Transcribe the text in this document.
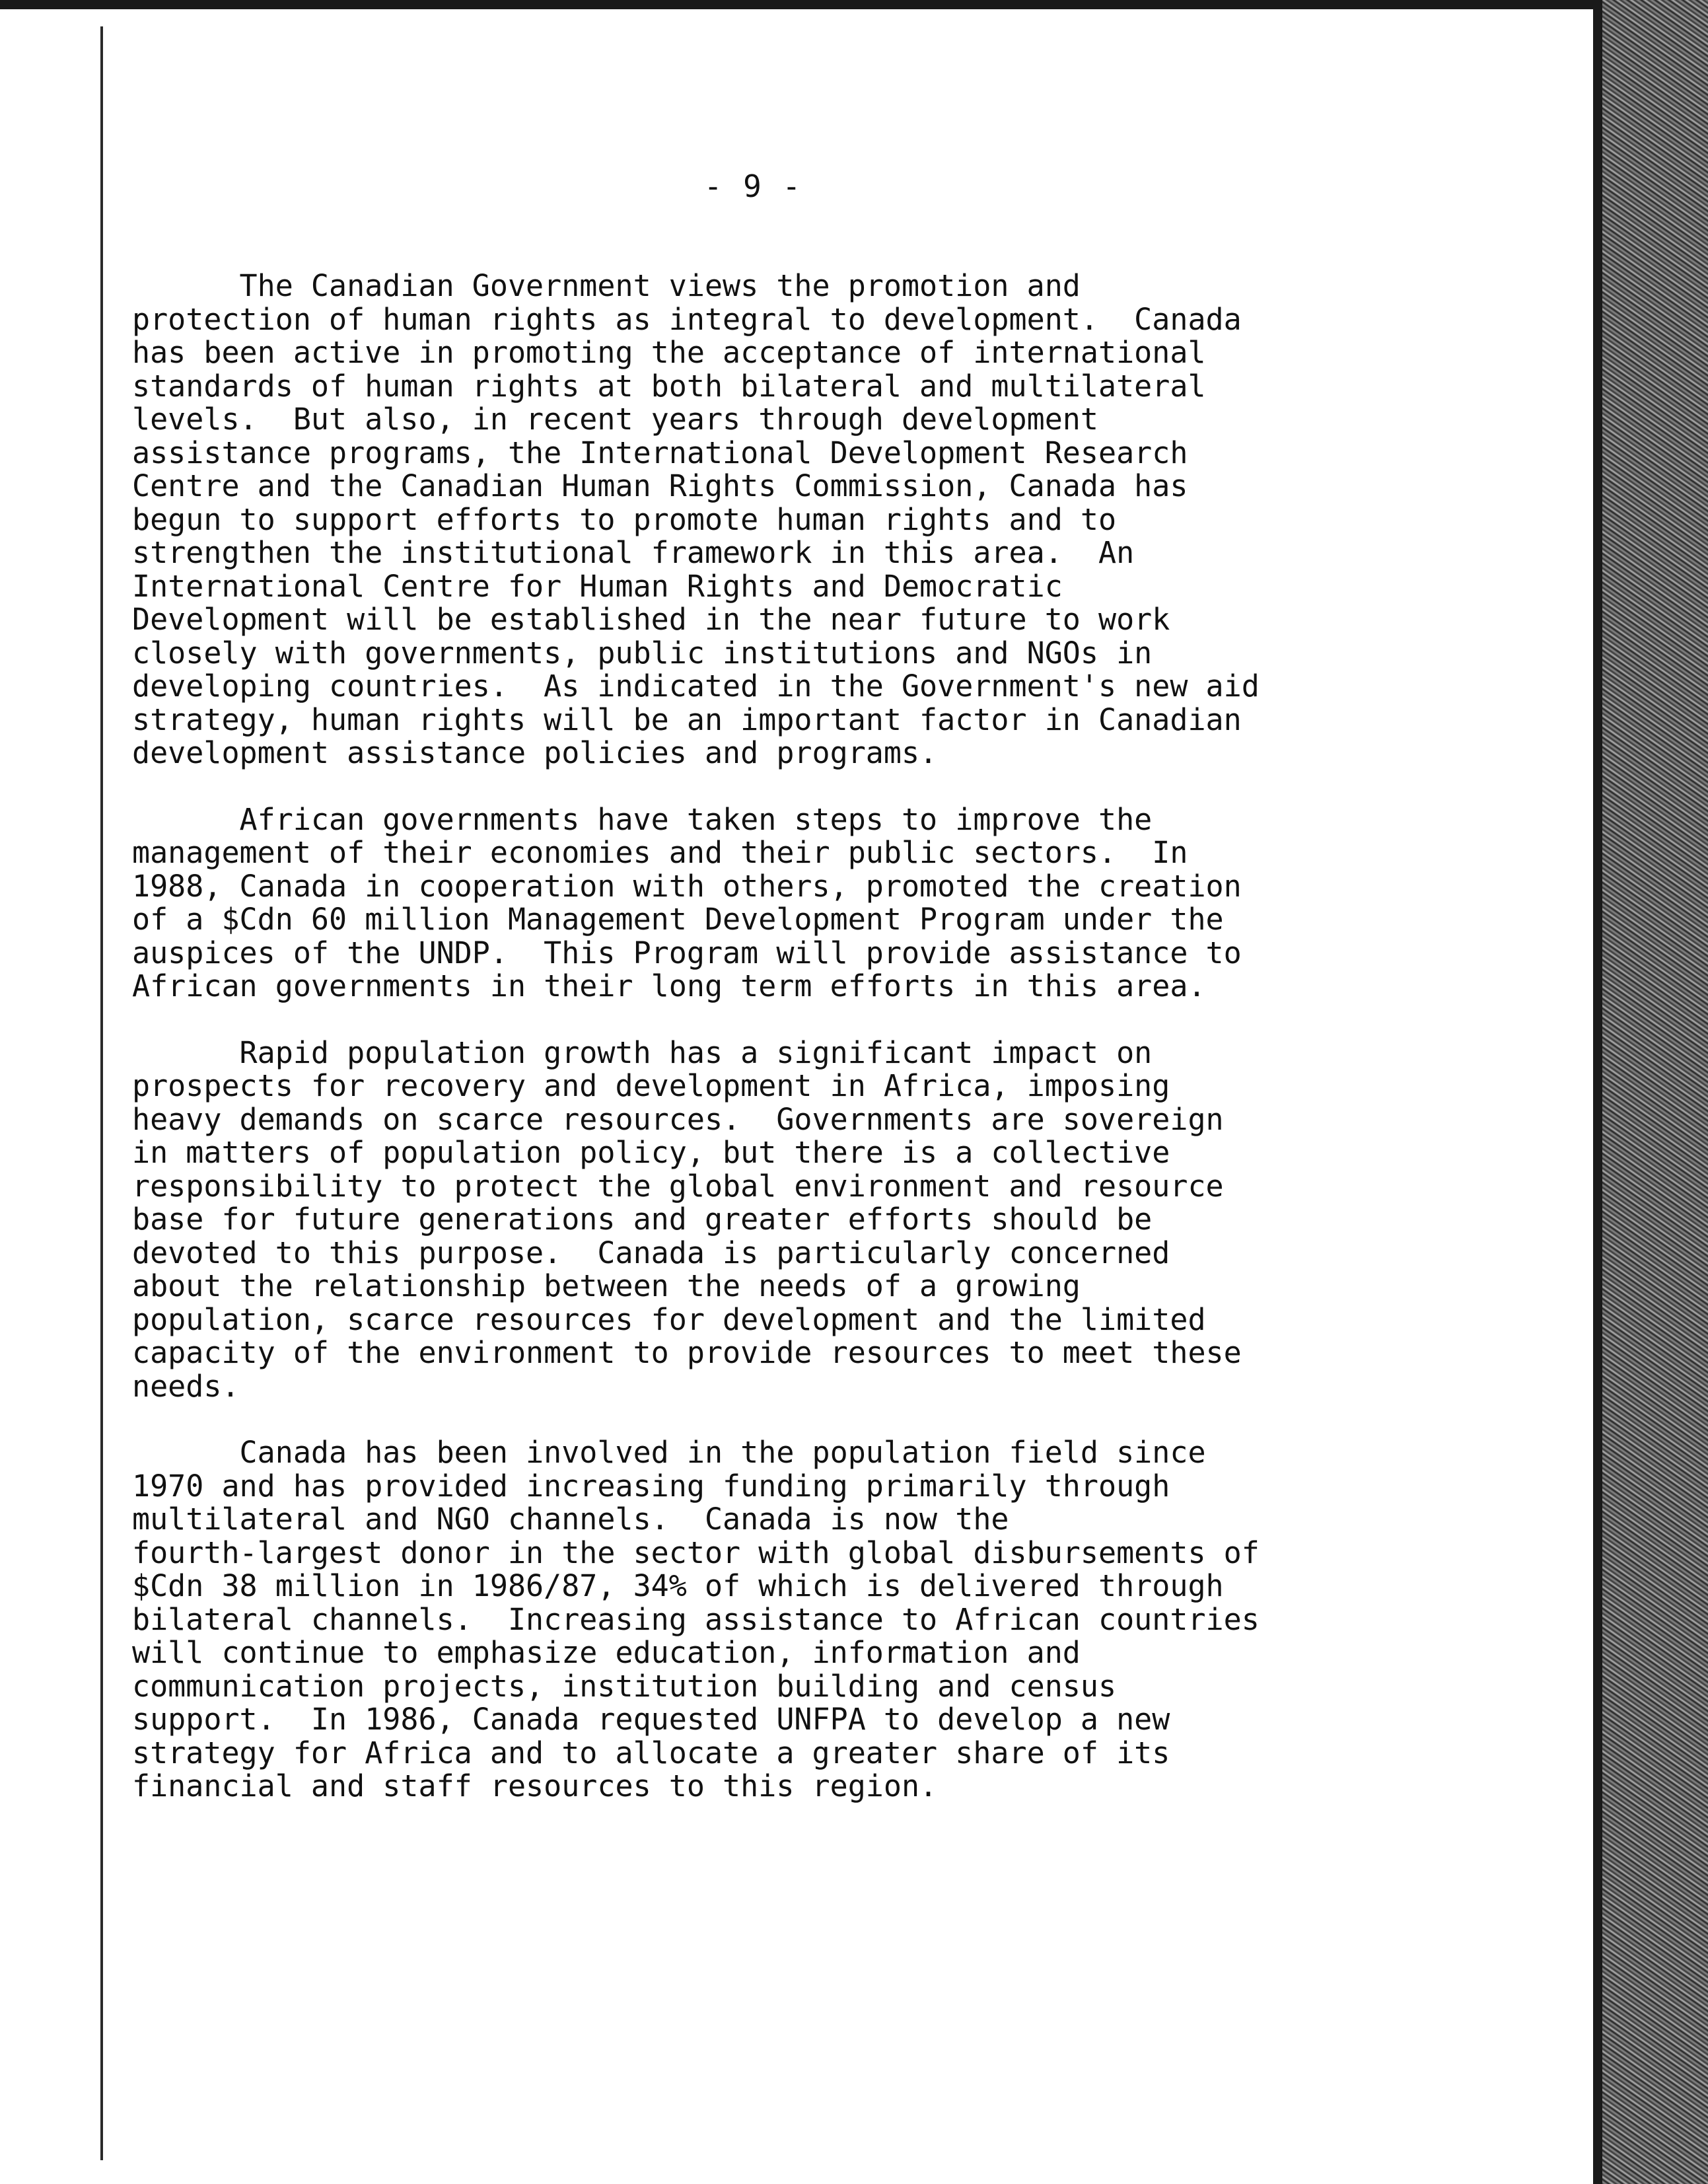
- 9 -

The Canadian Government views the promotion and
protection of human rights as integral to development.  Canada
has been active in promoting the acceptance of international
standards of human rights at both bilateral and multilateral
levels.  But also, in recent years through development
assistance programs, the International Development Research
Centre and the Canadian Human Rights Commission, Canada has
begun to support efforts to promote human rights and to
strengthen the institutional framework in this area.  An
International Centre for Human Rights and Democratic
Development will be established in the near future to work
closely with governments, public institutions and NGOs in
developing countries.  As indicated in the Government's new aid
strategy, human rights will be an important factor in Canadian
development assistance policies and programs.

African governments have taken steps to improve the
management of their economies and their public sectors.  In
1988, Canada in cooperation with others, promoted the creation
of a $Cdn 60 million Management Development Program under the
auspices of the UNDP.  This Program will provide assistance to
African governments in their long term efforts in this area.

Rapid population growth has a significant impact on
prospects for recovery and development in Africa, imposing
heavy demands on scarce resources.  Governments are sovereign
in matters of population policy, but there is a collective
responsibility to protect the global environment and resource
base for future generations and greater efforts should be
devoted to this purpose.  Canada is particularly concerned
about the relationship between the needs of a growing
population, scarce resources for development and the limited
capacity of the environment to provide resources to meet these
needs.

Canada has been involved in the population field since
1970 and has provided increasing funding primarily through
multilateral and NGO channels.  Canada is now the
fourth-largest donor in the sector with global disbursements of
$Cdn 38 million in 1986/87, 34% of which is delivered through
bilateral channels.  Increasing assistance to African countries
will continue to emphasize education, information and
communication projects, institution building and census
support.  In 1986, Canada requested UNFPA to develop a new
strategy for Africa and to allocate a greater share of its
financial and staff resources to this region.
